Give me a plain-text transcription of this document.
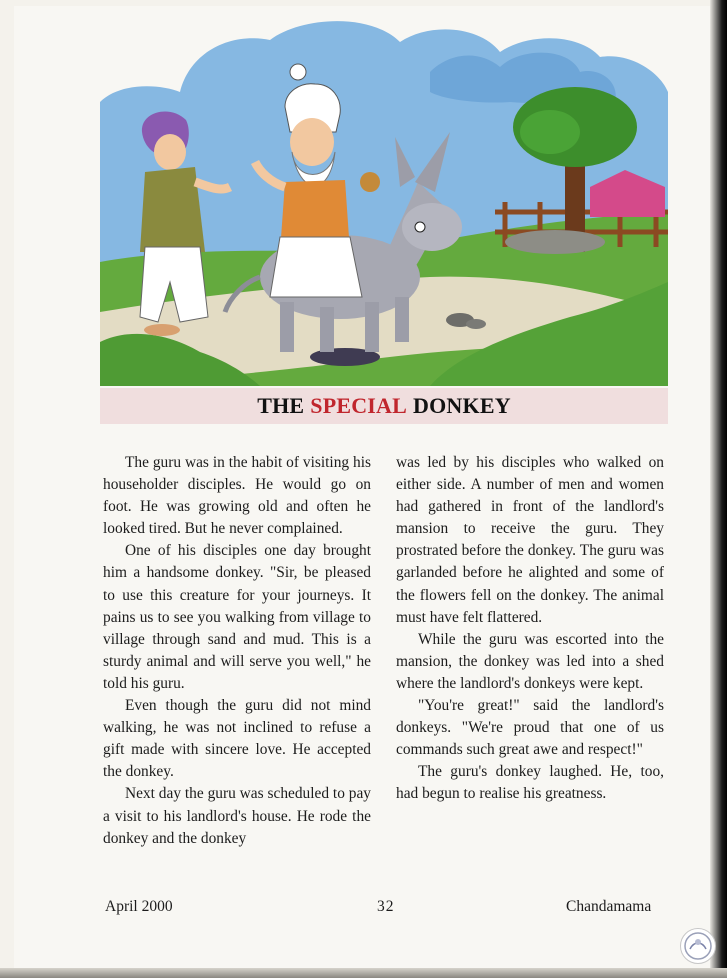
THE SPECIAL DONKEY

The guru was in the habit of visiting his householder disciples. He would go on foot. He was growing old and often he looked tired. But he never complained.

One of his disciples one day brought him a handsome donkey. "Sir, be pleased to use this creature for your journeys. It pains us to see you walking from village to village through sand and mud. This is a sturdy animal and will serve you well," he told his guru.

Even though the guru did not mind walking, he was not inclined to refuse a gift made with sincere love. He accepted the donkey.

Next day the guru was scheduled to pay a visit to his landlord's house. He rode the donkey and the donkey

was led by his disciples who walked on either side. A number of men and women had gathered in front of the landlord's mansion to receive the guru. They prostrated before the donkey. The guru was garlanded before he alighted and some of the flowers fell on the donkey. The animal must have felt flattered.

While the guru was escorted into the mansion, the donkey was led into a shed where the landlord's donkeys were kept.

"You're great!" said the landlord's donkeys. "We're proud that one of us commands such great awe and respect!"

The guru's donkey laughed. He, too, had begun to realise his greatness.

April 2000	32	Chandamama
